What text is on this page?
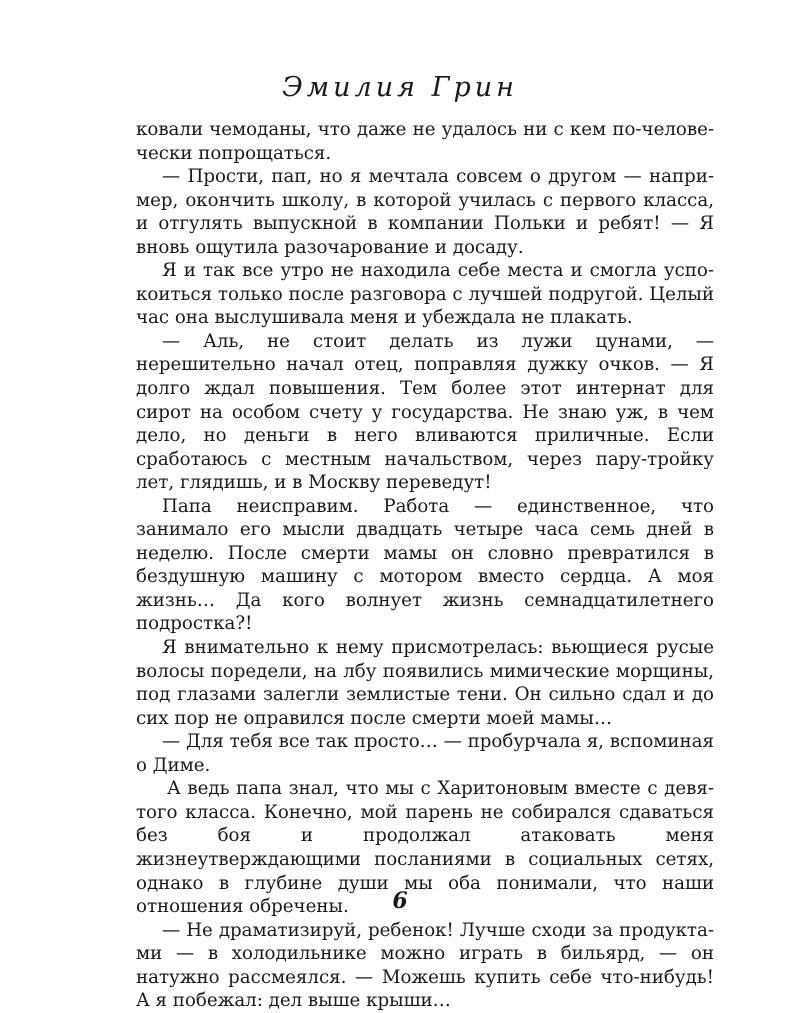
Эмилия Грин

ковали чемоданы, что даже не удалось ни с кем по-человечески попрощаться.

— Прости, пап, но я мечтала совсем о другом — например, окончить школу, в которой училась с первого класса, и отгулять выпускной в компании Польки и ребят! — Я вновь ощутила разочарование и досаду.

Я и так все утро не находила себе места и смогла успокоиться только после разговора с лучшей подругой. Целый час она выслушивала меня и убеждала не плакать.

— Аль, не стоит делать из лужи цунами, — нерешительно начал отец, поправляя дужку очков. — Я долго ждал повышения. Тем более этот интернат для сирот на особом счету у государства. Не знаю уж, в чем дело, но деньги в него вливаются приличные. Если сработаюсь с местным начальством, через пару-тройку лет, глядишь, и в Москву переведут!

Папа неисправим. Работа — единственное, что занимало его мысли двадцать четыре часа семь дней в неделю. После смерти мамы он словно превратился в бездушную машину с мотором вместо сердца. А моя жизнь… Да кого волнует жизнь семнадцатилетнего подростка?!

Я внимательно к нему присмотрелась: вьющиеся русые волосы поредели, на лбу появились мимические морщины, под глазами залегли землистые тени. Он сильно сдал и до сих пор не оправился после смерти моей мамы…

— Для тебя все так просто… — пробурчала я, вспоминая о Диме.

А ведь папа знал, что мы с Харитоновым вместе с девятого класса. Конечно, мой парень не собирался сдаваться без боя и продолжал атаковать меня жизнеутверждающими посланиями в социальных сетях, однако в глубине души мы оба понимали, что наши отношения обречены.

— Не драматизируй, ребенок! Лучше сходи за продуктами — в холодильнике можно играть в бильярд, — он натужно рассмеялся. — Можешь купить себе что-нибудь! А я побежал: дел выше крыши…

6
